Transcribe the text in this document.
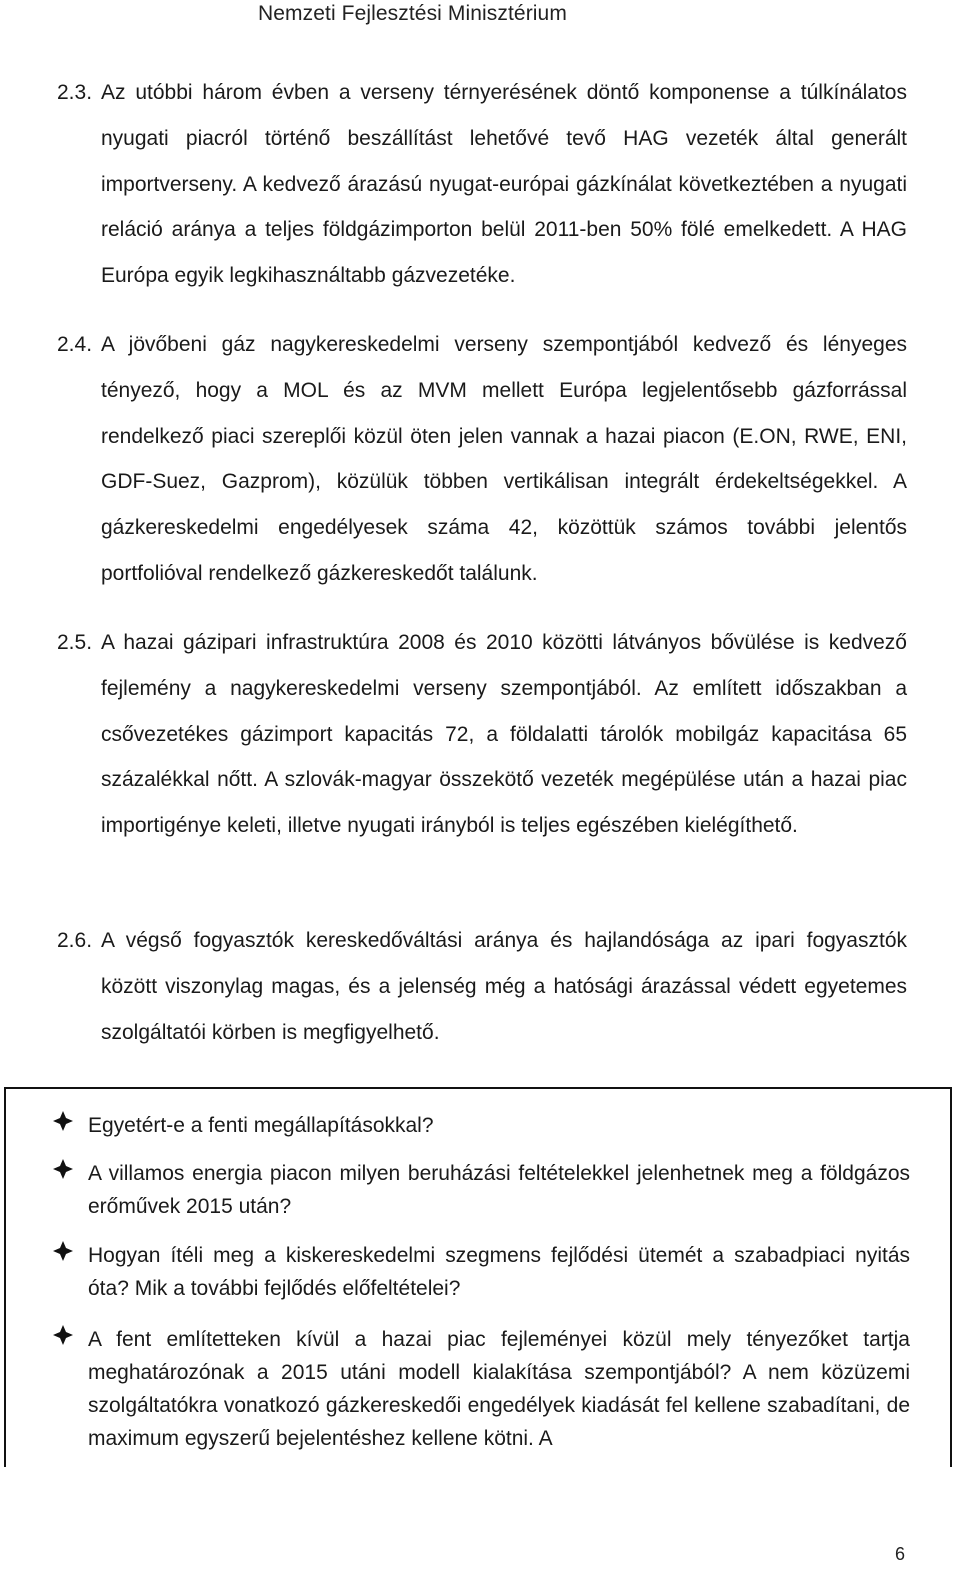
Nemzeti Fejlesztési Minisztérium
2.3. Az utóbbi három évben a verseny térnyerésének döntő komponense a túlkínálatos nyugati piacról történő beszállítást lehetővé tevő HAG vezeték által generált importverseny. A kedvező árazású nyugat-európai gázkínálat következtében a nyugati reláció aránya a teljes földgázimporton belül 2011-ben 50% fölé emelkedett. A HAG Európa egyik legkihasználtabb gázvezetéke.
2.4. A jövőbeni gáz nagykereskedelmi verseny szempontjából kedvező és lényeges tényező, hogy a MOL és az MVM mellett Európa legjelentősebb gázforrással rendelkező piaci szereplői közül öten jelen vannak a hazai piacon (E.ON, RWE, ENI, GDF-Suez, Gazprom), közülük többen vertikálisan integrált érdekeltségekkel. A gázkereskedelmi engedélyesek száma 42, közöttük számos további jelentős portfolióval rendelkező gázkereskedőt találunk.
2.5. A hazai gázipari infrastruktúra 2008 és 2010 közötti látványos bővülése is kedvező fejlemény a nagykereskedelmi verseny szempontjából. Az említett időszakban a csővezetékes gázimport kapacitás 72, a földalatti tárolók mobilgáz kapacitása 65 százalékkal nőtt. A szlovák-magyar összekötő vezeték megépülése után a hazai piac importigénye keleti, illetve nyugati irányból is teljes egészében kielégíthető.
2.6. A végső fogyasztók kereskedőváltási aránya és hajlandósága az ipari fogyasztók között viszonylag magas, és a jelenség még a hatósági árazással védett egyetemes szolgáltatói körben is megfigyelhető.
Egyetért-e a fenti megállapításokkal?
A villamos energia piacon milyen beruházási feltételekkel jelenhetnek meg a földgázos erőművek 2015 után?
Hogyan ítéli meg a kiskereskedelmi szegmens fejlődési ütemét a szabadpiaci nyitás óta? Mik a további fejlődés előfeltételei?
A fent említetteken kívül a hazai piac fejleményei közül mely tényezőket tartja meghatározónak a 2015 utáni modell kialakítása szempontjából? A nem közüzemi szolgáltatókra vonatkozó gázkereskedői engedélyek kiadását fel kellene szabadítani, de maximum egyszerű bejelentéshez kellene kötni. A
6
